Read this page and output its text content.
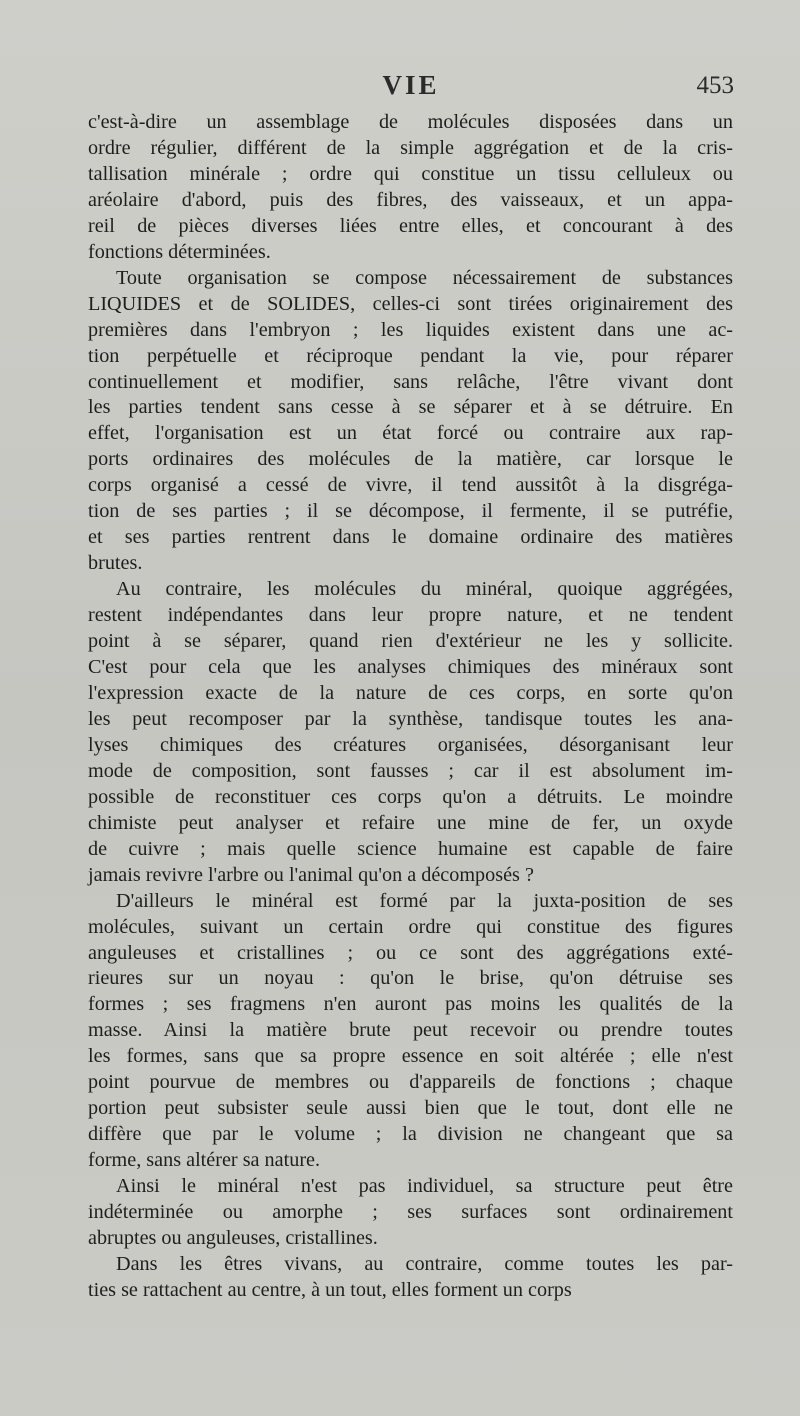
VIE	453
c'est-à-dire un assemblage de molécules disposées dans un
ordre régulier, différent de la simple aggrégation et de la cris-
tallisation minérale ; ordre qui constitue un tissu celluleux ou
aréolaire d'abord, puis des fibres, des vaisseaux, et un appa-
reil de pièces diverses liées entre elles, et concourant à des
fonctions déterminées.
Toute organisation se compose nécessairement de substances
LIQUIDES et de SOLIDES, celles-ci sont tirées originairement des
premières dans l'embryon ; les liquides existent dans une ac-
tion perpétuelle et réciproque pendant la vie, pour réparer
continuellement et modifier, sans relâche, l'être vivant dont
les parties tendent sans cesse à se séparer et à se détruire. En
effet, l'organisation est un état forcé ou contraire aux rap-
ports ordinaires des molécules de la matière, car lorsque le
corps organisé a cessé de vivre, il tend aussitôt à la disgréga-
tion de ses parties ; il se décompose, il fermente, il se putréfie,
et ses parties rentrent dans le domaine ordinaire des matières
brutes.
Au contraire, les molécules du minéral, quoique aggrégées,
restent indépendantes dans leur propre nature, et ne tendent
point à se séparer, quand rien d'extérieur ne les y sollicite.
C'est pour cela que les analyses chimiques des minéraux sont
l'expression exacte de la nature de ces corps, en sorte qu'on
les peut recomposer par la synthèse, tandisque toutes les ana-
lyses chimiques des créatures organisées, désorganisant leur
mode de composition, sont fausses ; car il est absolument im-
possible de reconstituer ces corps qu'on a détruits. Le moindre
chimiste peut analyser et refaire une mine de fer, un oxyde
de cuivre ; mais quelle science humaine est capable de faire
jamais revivre l'arbre ou l'animal qu'on a décomposés ?
D'ailleurs le minéral est formé par la juxta-position de ses
molécules, suivant un certain ordre qui constitue des figures
anguleuses et cristallines ; ou ce sont des aggrégations exté-
rieures sur un noyau : qu'on le brise, qu'on détruise ses
formes ; ses fragmens n'en auront pas moins les qualités de la
masse. Ainsi la matière brute peut recevoir ou prendre toutes
les formes, sans que sa propre essence en soit altérée ; elle n'est
point pourvue de membres ou d'appareils de fonctions ; chaque
portion peut subsister seule aussi bien que le tout, dont elle ne
diffère que par le volume ; la division ne changeant que sa
forme, sans altérer sa nature.
Ainsi le minéral n'est pas individuel, sa structure peut être
indéterminée ou amorphe ; ses surfaces sont ordinairement
abruptes ou anguleuses, cristallines.
Dans les êtres vivans, au contraire, comme toutes les par-
ties se rattachent au centre, à un tout, elles forment un corps
